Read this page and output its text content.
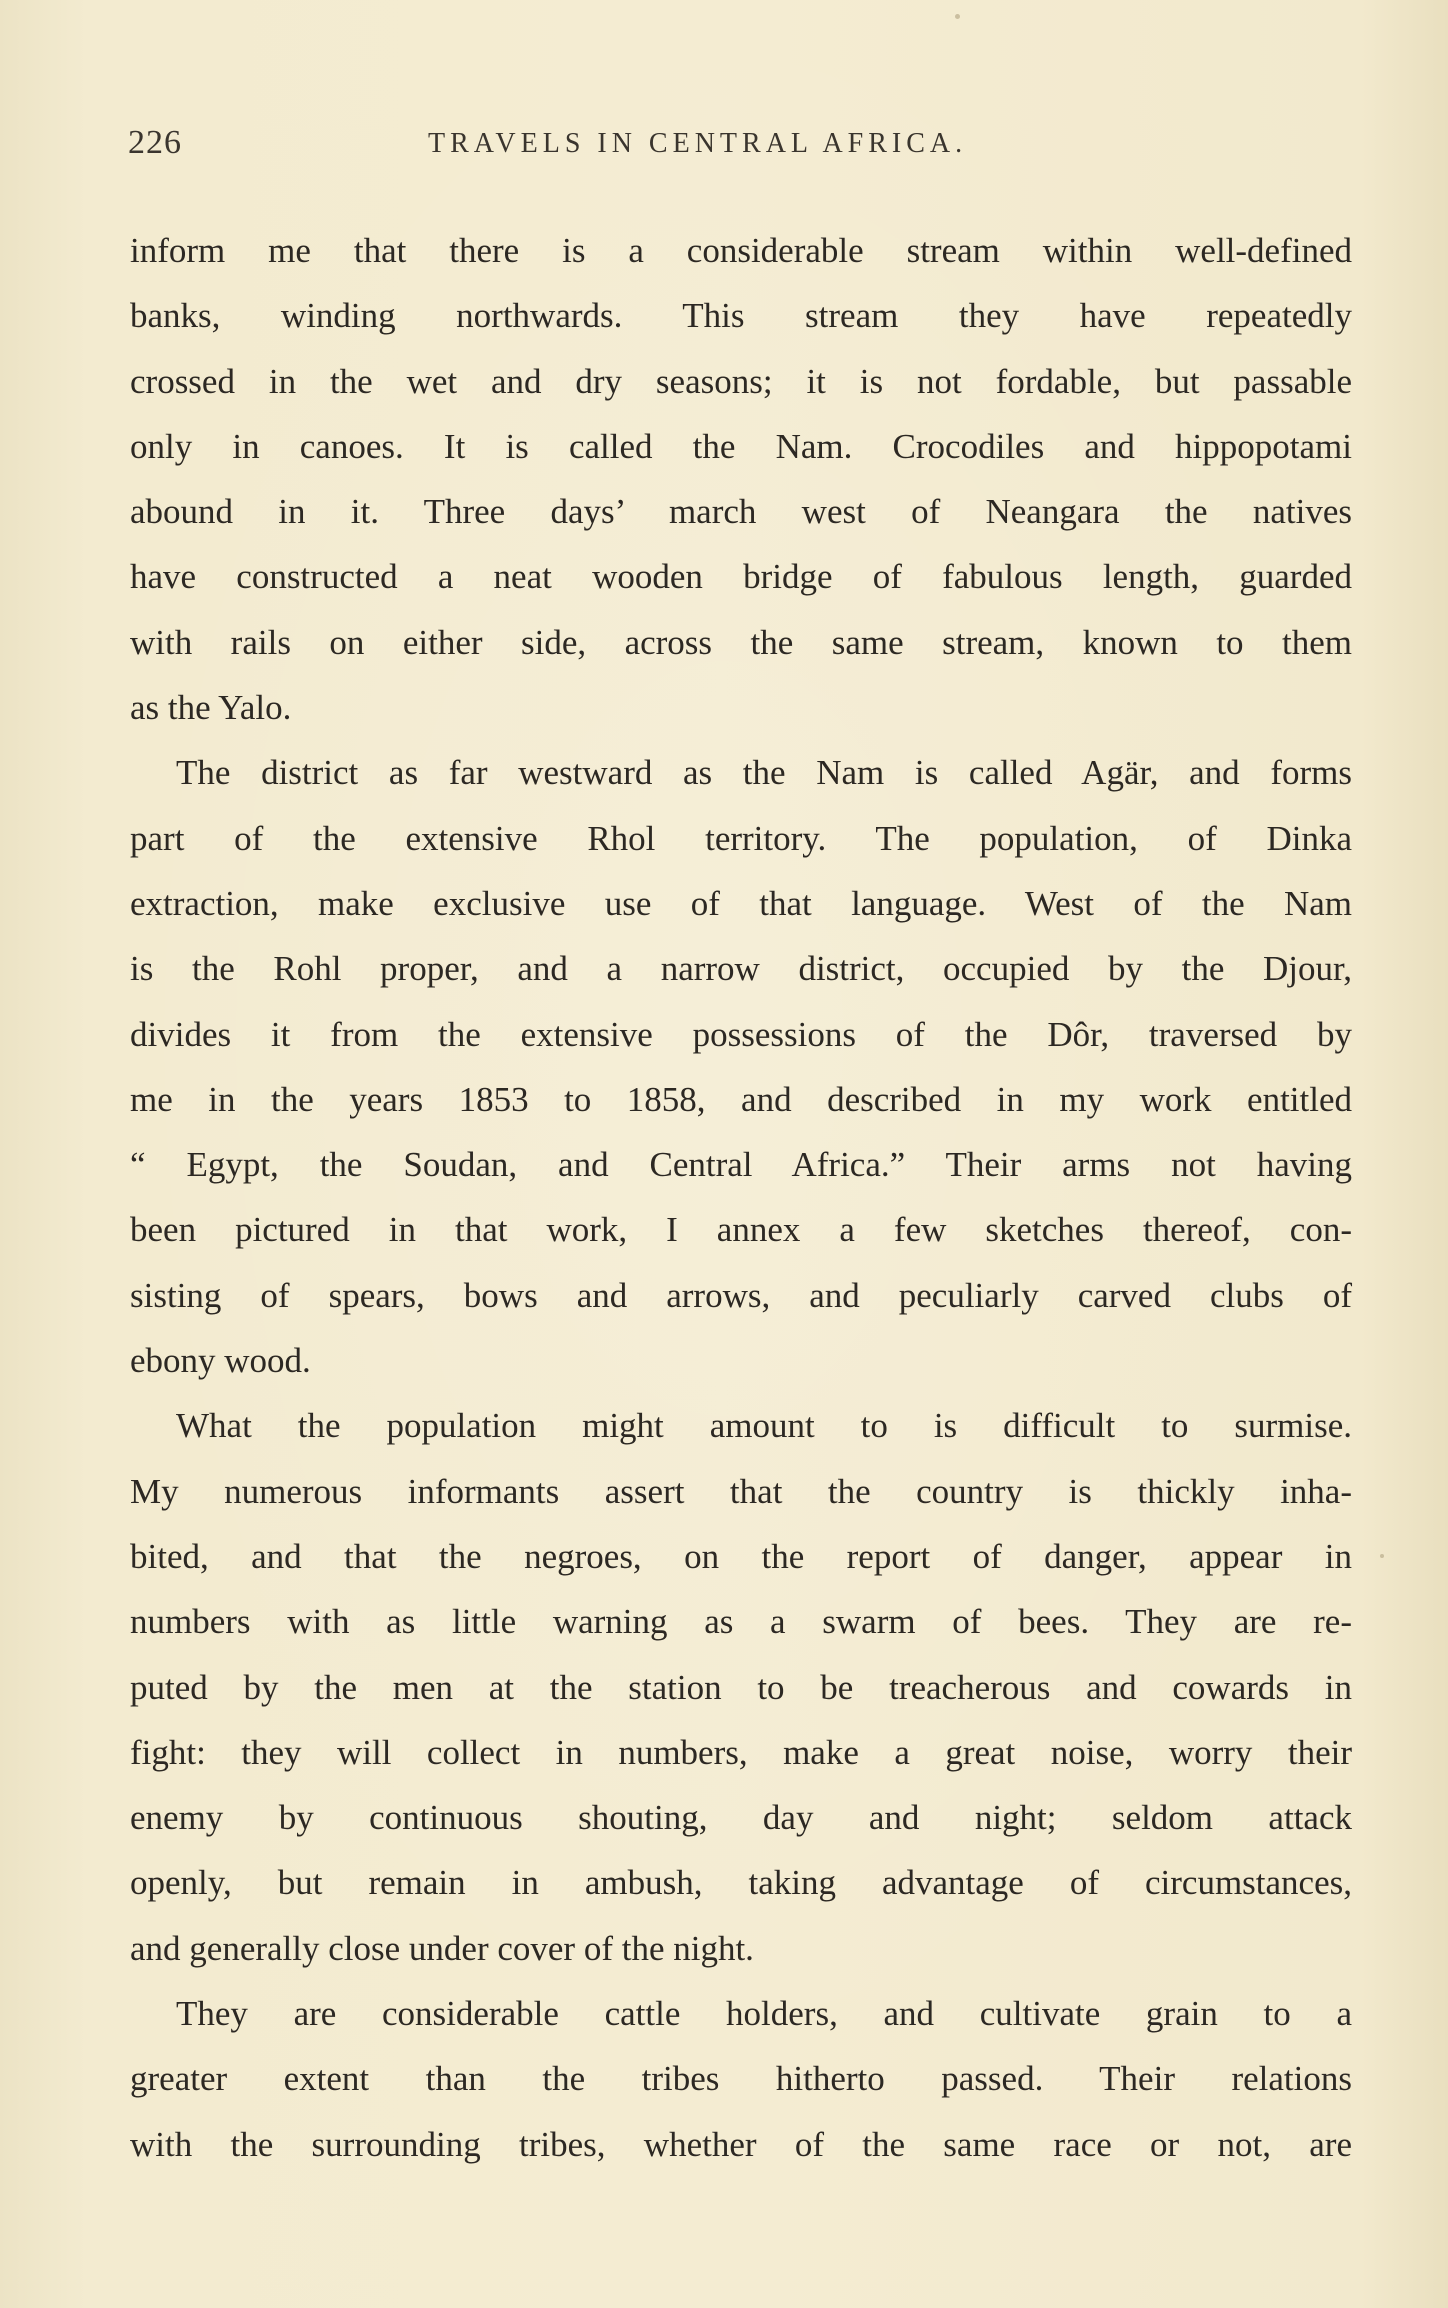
226	TRAVELS IN CENTRAL AFRICA.
inform me that there is a considerable stream within well-defined
banks, winding northwards. This stream they have repeatedly
crossed in the wet and dry seasons; it is not fordable, but passable
only in canoes. It is called the Nam. Crocodiles and hippopotami
abound in it. Three days’ march west of Neangara the natives
have constructed a neat wooden bridge of fabulous length, guarded
with rails on either side, across the same stream, known to them
as the Yalo.
The district as far westward as the Nam is called Agär, and forms
part of the extensive Rhol territory. The population, of Dinka
extraction, make exclusive use of that language. West of the Nam
is the Rohl proper, and a narrow district, occupied by the Djour,
divides it from the extensive possessions of the Dôr, traversed by
me in the years 1853 to 1858, and described in my work entitled
“ Egypt, the Soudan, and Central Africa.” Their arms not having
been pictured in that work, I annex a few sketches thereof, con-
sisting of spears, bows and arrows, and peculiarly carved clubs of
ebony wood.
What the population might amount to is difficult to surmise.
My numerous informants assert that the country is thickly inha-
bited, and that the negroes, on the report of danger, appear in
numbers with as little warning as a swarm of bees. They are re-
puted by the men at the station to be treacherous and cowards in
fight: they will collect in numbers, make a great noise, worry their
enemy by continuous shouting, day and night; seldom attack
openly, but remain in ambush, taking advantage of circumstances,
and generally close under cover of the night.
They are considerable cattle holders, and cultivate grain to a
greater extent than the tribes hitherto passed. Their relations
with the surrounding tribes, whether of the same race or not, are
